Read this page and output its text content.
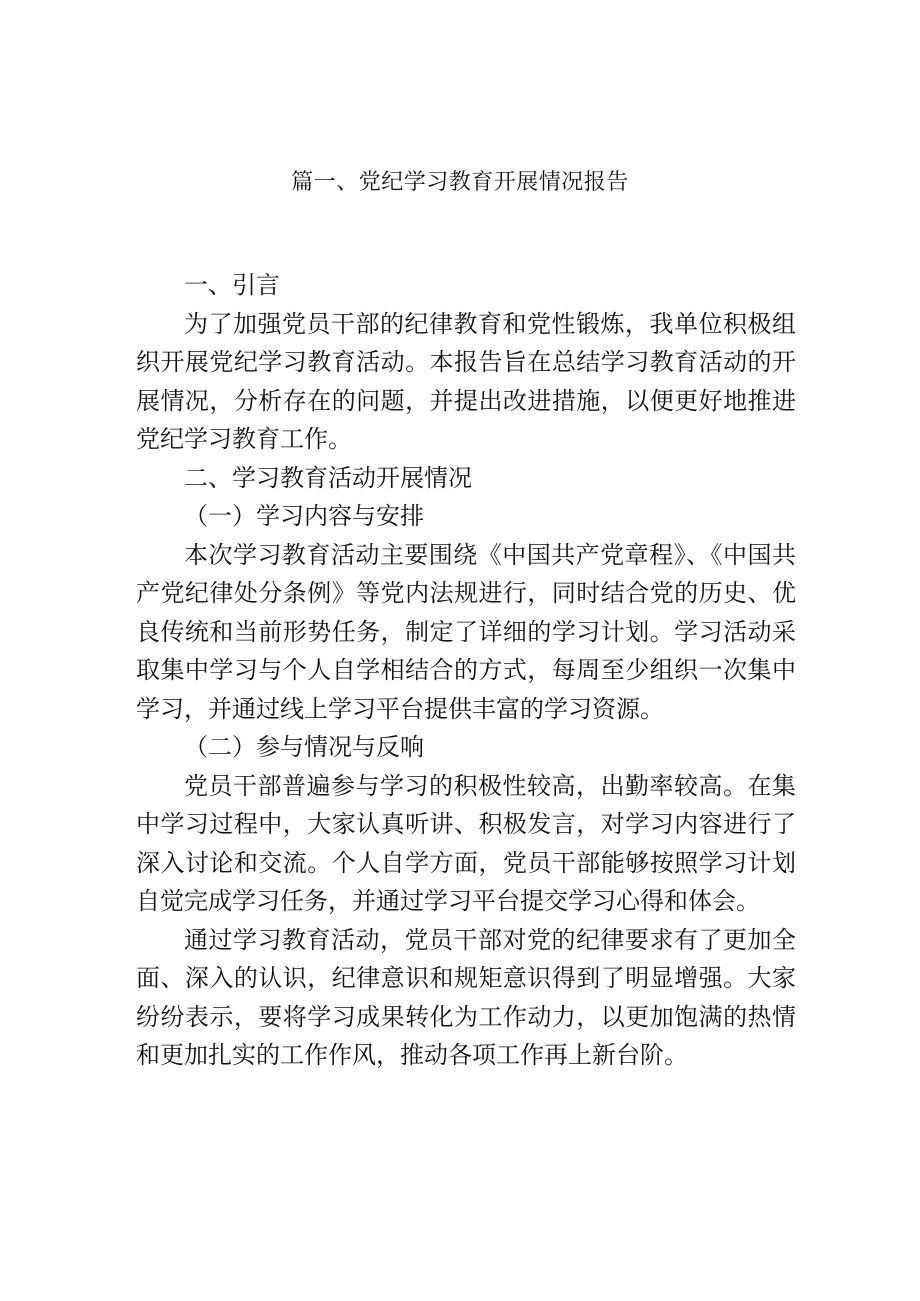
篇一、党纪学习教育开展情况报告

一、引言

为了加强党员干部的纪律教育和党性锻炼，我单位积极组织开展党纪学习教育活动。本报告旨在总结学习教育活动的开展情况，分析存在的问题，并提出改进措施，以便更好地推进党纪学习教育工作。

二、学习教育活动开展情况

（一）学习内容与安排

本次学习教育活动主要围绕《中国共产党章程》、《中国共产党纪律处分条例》等党内法规进行，同时结合党的历史、优良传统和当前形势任务，制定了详细的学习计划。学习活动采取集中学习与个人自学相结合的方式，每周至少组织一次集中学习，并通过线上学习平台提供丰富的学习资源。

（二）参与情况与反响

党员干部普遍参与学习的积极性较高，出勤率较高。在集中学习过程中，大家认真听讲、积极发言，对学习内容进行了深入讨论和交流。个人自学方面，党员干部能够按照学习计划自觉完成学习任务，并通过学习平台提交学习心得和体会。

通过学习教育活动，党员干部对党的纪律要求有了更加全面、深入的认识，纪律意识和规矩意识得到了明显增强。大家纷纷表示，要将学习成果转化为工作动力，以更加饱满的热情和更加扎实的工作作风，推动各项工作再上新台阶。
